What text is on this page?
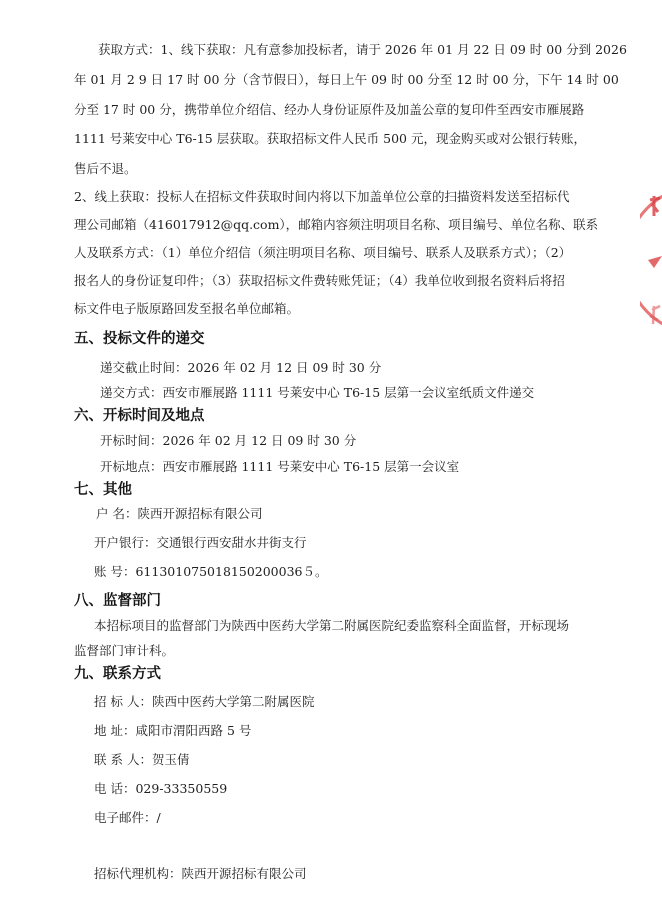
获取方式：1、线下获取：凡有意参加投标者，请于 2026 年 01 月 22 日 09 时 00 分到 2026
年 01 月 2 9 日 17 时 00 分（含节假日），每日上午 09 时 00 分至 12 时 00 分，下午 14 时 00
分至 17 时 00 分，携带单位介绍信、经办人身份证原件及加盖公章的复印件至西安市雁展路
1111 号莱安中心 T6-15 层获取。获取招标文件人民币 500 元，现金购买或对公银行转账，
售后不退。
2、线上获取：投标人在招标文件获取时间内将以下加盖单位公章的扫描资料发送至招标代
理公司邮箱（416017912@qq.com），邮箱内容须注明项目名称、项目编号、单位名称、联系
人及联系方式：（1）单位介绍信（须注明项目名称、项目编号、联系人及联系方式）；（2）
报名人的身份证复印件；（3）获取招标文件费转账凭证；（4）我单位收到报名资料后将招
标文件电子版原路回发至报名单位邮箱。
五、投标文件的递交
递交截止时间：2026 年 02 月 12 日 09 时 30 分
递交方式：西安市雁展路 1111 号莱安中心 T6-15 层第一会议室纸质文件递交
六、开标时间及地点
开标时间：2026 年 02 月 12 日 09 时 30 分
开标地点：西安市雁展路 1111 号莱安中心 T6-15 层第一会议室
七、其他
户 名：陕西开源招标有限公司
开户银行：交通银行西安甜水井街支行
账 号：611301075018150200036５。
八、监督部门
本招标项目的监督部门为陕西中医药大学第二附属医院纪委监察科全面监督，开标现场
监督部门审计科。
九、联系方式
招 标 人：陕西中医药大学第二附属医院
地 址：咸阳市渭阳西路 5 号
联 系 人：贺玉倩
电 话：029-33350559
电子邮件：/
招标代理机构：陕西开源招标有限公司
